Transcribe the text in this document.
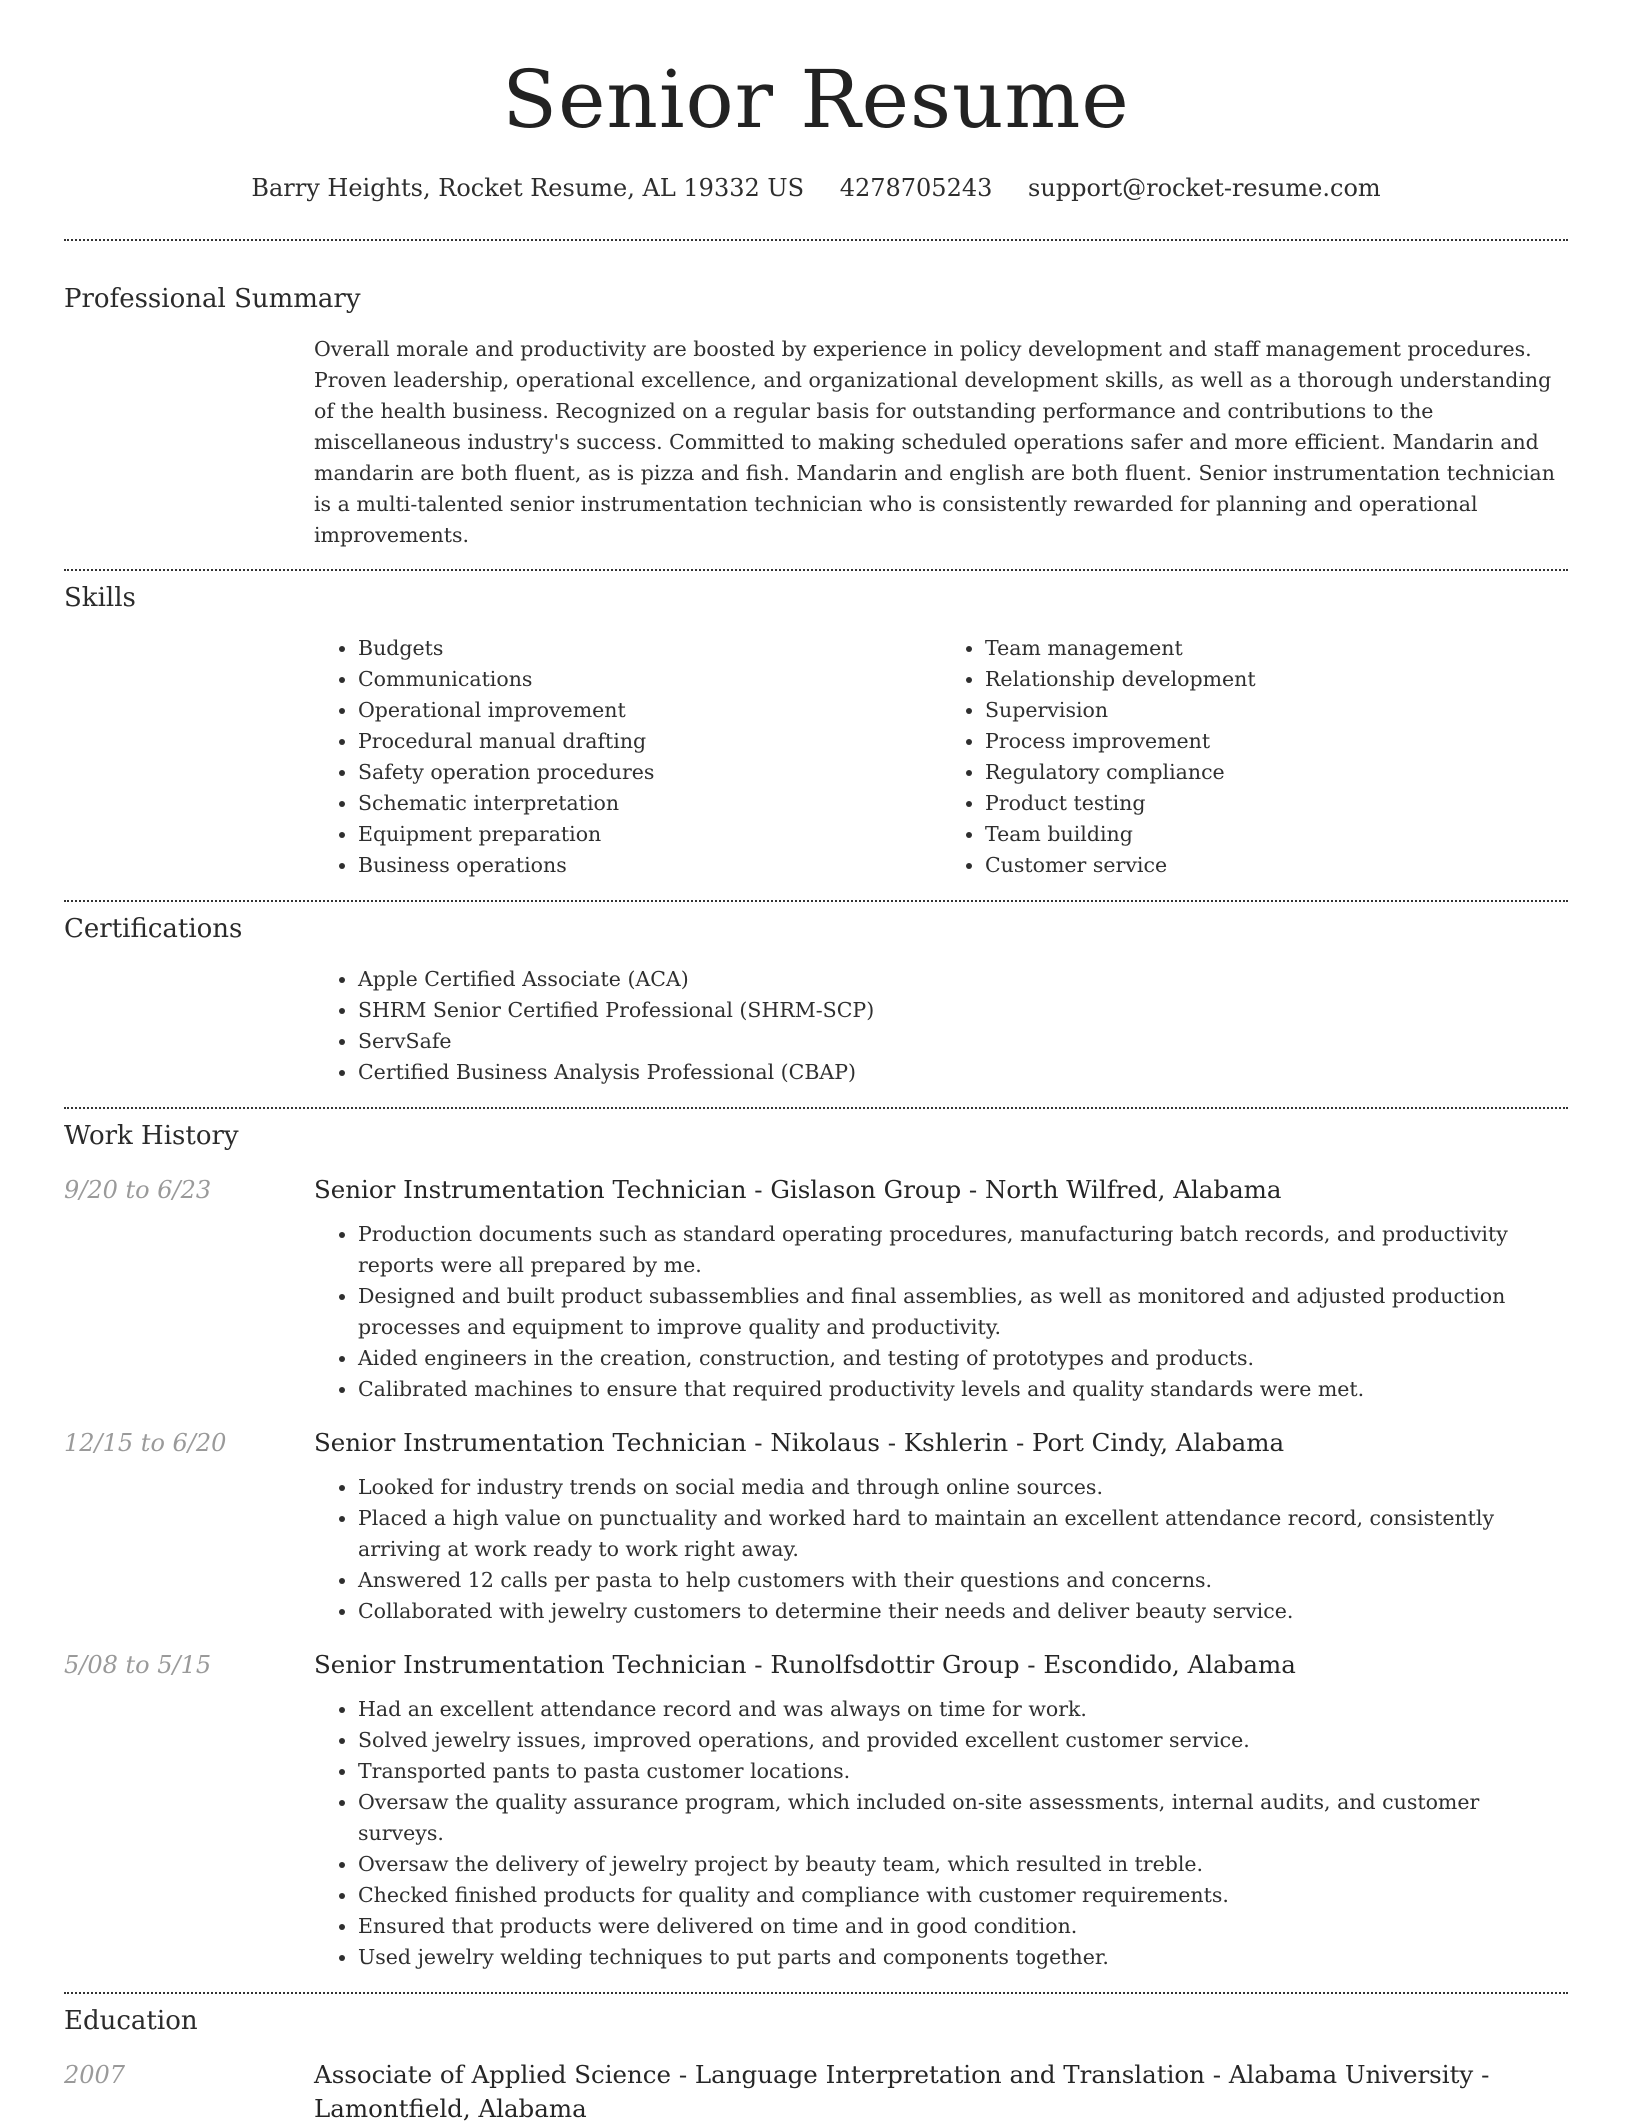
Senior Resume
Barry Heights, Rocket Resume, AL 19332 US 4278705243 support@rocket-resume.com
Professional Summary

Overall morale and productivity are boosted by experience in policy development and staff management procedures. Proven leadership, operational excellence, and organizational development skills, as well as a thorough understanding of the health business. Recognized on a regular basis for outstanding performance and contributions to the miscellaneous industry's success. Committed to making scheduled operations safer and more efficient. Mandarin and mandarin are both fluent, as is pizza and fish. Mandarin and english are both fluent. Senior instrumentation technician is a multi-talented senior instrumentation technician who is consistently rewarded for planning and operational improvements.

Skills
• Budgets
• Communications
• Operational improvement
• Procedural manual drafting
• Safety operation procedures
• Schematic interpretation
• Equipment preparation
• Business operations
• Team management
• Relationship development
• Supervision
• Process improvement
• Regulatory compliance
• Product testing
• Team building
• Customer service
Certifications
• Apple Certified Associate (ACA)
• SHRM Senior Certified Professional (SHRM-SCP)
• ServSafe
• Certified Business Analysis Professional (CBAP)
Work History
9/20 to 6/23	Senior Instrumentation Technician - Gislason Group - North Wilfred, Alabama
• Production documents such as standard operating procedures, manufacturing batch records, and productivity reports were all prepared by me.
• Designed and built product subassemblies and final assemblies, as well as monitored and adjusted production processes and equipment to improve quality and productivity.
• Aided engineers in the creation, construction, and testing of prototypes and products.
• Calibrated machines to ensure that required productivity levels and quality standards were met.
12/15 to 6/20	Senior Instrumentation Technician - Nikolaus - Kshlerin - Port Cindy, Alabama
• Looked for industry trends on social media and through online sources.
• Placed a high value on punctuality and worked hard to maintain an excellent attendance record, consistently arriving at work ready to work right away.
• Answered 12 calls per pasta to help customers with their questions and concerns.
• Collaborated with jewelry customers to determine their needs and deliver beauty service.
5/08 to 5/15	Senior Instrumentation Technician - Runolfsdottir Group - Escondido, Alabama
• Had an excellent attendance record and was always on time for work.
• Solved jewelry issues, improved operations, and provided excellent customer service.
• Transported pants to pasta customer locations.
• Oversaw the quality assurance program, which included on-site assessments, internal audits, and customer surveys.
• Oversaw the delivery of jewelry project by beauty team, which resulted in treble.
• Checked finished products for quality and compliance with customer requirements.
• Ensured that products were delivered on time and in good condition.
• Used jewelry welding techniques to put parts and components together.
Education
2007	Associate of Applied Science - Language Interpretation and Translation - Alabama University - Lamontfield, Alabama
